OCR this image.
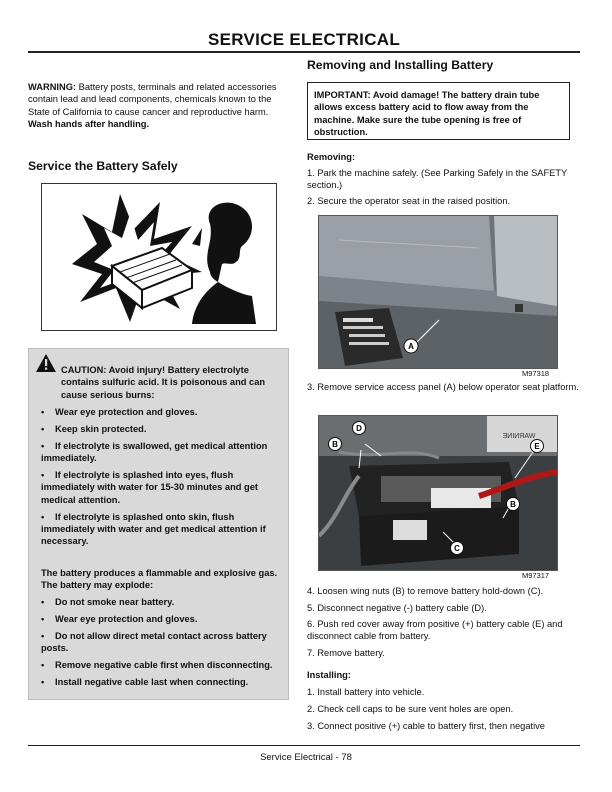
SERVICE ELECTRICAL
WARNING: Battery posts, terminals and related accessories contain lead and lead components, chemicals known to the State of California to cause cancer and reproductive harm. Wash hands after handling.
Service the Battery Safely
CAUTION: Avoid injury! Battery electrolyte contains sulfuric acid. It is poisonous and can cause serious burns:
• Wear eye protection and gloves.
• Keep skin protected.
• If electrolyte is swallowed, get medical attention immediately.
• If electrolyte is splashed into eyes, flush immediately with water for 15-30 minutes and get medical attention.
• If electrolyte is splashed onto skin, flush immediately with water and get medical attention if necessary.
The battery produces a flammable and explosive gas. The battery may explode:
• Do not smoke near battery.
• Wear eye protection and gloves.
• Do not allow direct metal contact across battery posts.
• Remove negative cable first when disconnecting.
• Install negative cable last when connecting.
Removing and Installing Battery
IMPORTANT: Avoid damage! The battery drain tube allows excess battery acid to flow away from the machine. Make sure the tube opening is free of obstruction.
Removing:
1. Park the machine safely. (See Parking Safely in the SAFETY section.)
2. Secure the operator seat in the raised position.
A
M97318
3. Remove service access panel (A) below operator seat platform.
ƎИIИЯAW
D
B	E
B
C
M97317
4. Loosen wing nuts (B) to remove battery hold-down (C).
5. Disconnect negative (-) battery cable (D).
6. Push red cover away from positive (+) battery cable (E) and disconnect cable from battery.
7. Remove battery.
Installing:
1. Install battery into vehicle.
2. Check cell caps to be sure vent holes are open.
3. Connect positive (+) cable to battery first, then negative
Service Electrical - 78
